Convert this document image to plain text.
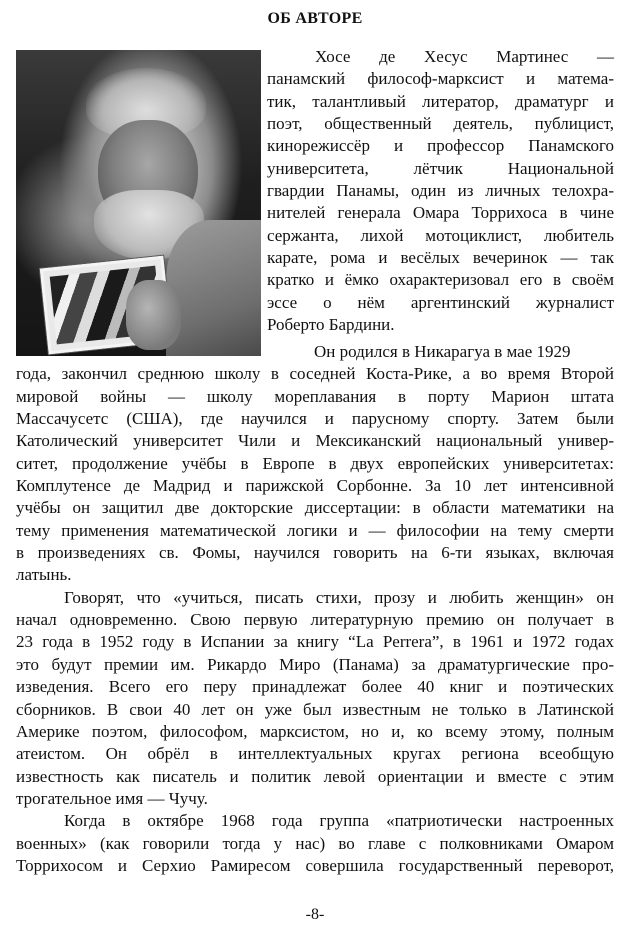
ОБ АВТОРЕ
Хосе де Хесус Мартинес —
панамский философ-марксист и матема-
тик, талантливый литератор, драматург и
поэт, общественный деятель, публицист,
кинорежиссёр и профессор Панамского
университета, лётчик Национальной
гвардии Панамы, один из личных телохра-
нителей генерала Омара Торрихоса в чине
сержанта, лихой мотоциклист, любитель
карате, рома и весёлых вечеринок — так
кратко и ёмко охарактеризовал его в своём
эссе о нём аргентинский журналист
Роберто Бардини.
Он родился в Никарагуа в мае 1929
года, закончил среднюю школу в соседней Коста-Рике, а во время Второй
мировой войны — школу мореплавания в порту Марион штата
Массачусетс (США), где научился и парусному спорту. Затем были
Католический университет Чили и Мексиканский национальный универ-
ситет, продолжение учёбы в Европе в двух европейских университетах:
Комплутенсе де Мадрид и парижской Сорбонне. За 10 лет интенсивной
учёбы он защитил две докторские диссертации: в области математики на
тему применения математической логики и — философии на тему смерти
в произведениях св. Фомы, научился говорить на 6-ти языках, включая
латынь.
Говорят, что «учиться, писать стихи, прозу и любить женщин» он
начал одновременно. Свою первую литературную премию он получает в
23 года в 1952 году в Испании за книгу “La Perrera”, в 1961 и 1972 годах
это будут премии им. Рикардо Миро (Панама) за драматургические про-
изведения. Всего его перу принадлежат более 40 книг и поэтических
сборников. В свои 40 лет он уже был известным не только в Латинской
Америке поэтом, философом, марксистом, но и, ко всему этому, полным
атеистом. Он обрёл в интеллектуальных кругах региона всеобщую
известность как писатель и политик левой ориентации и вместе с этим
трогательное имя — Чучу.
Когда в октябре 1968 года группа «патриотически настроенных
военных» (как говорили тогда у нас) во главе с полковниками Омаром
Торрихосом и Серхио Рамиресом совершила государственный переворот,
-8-
